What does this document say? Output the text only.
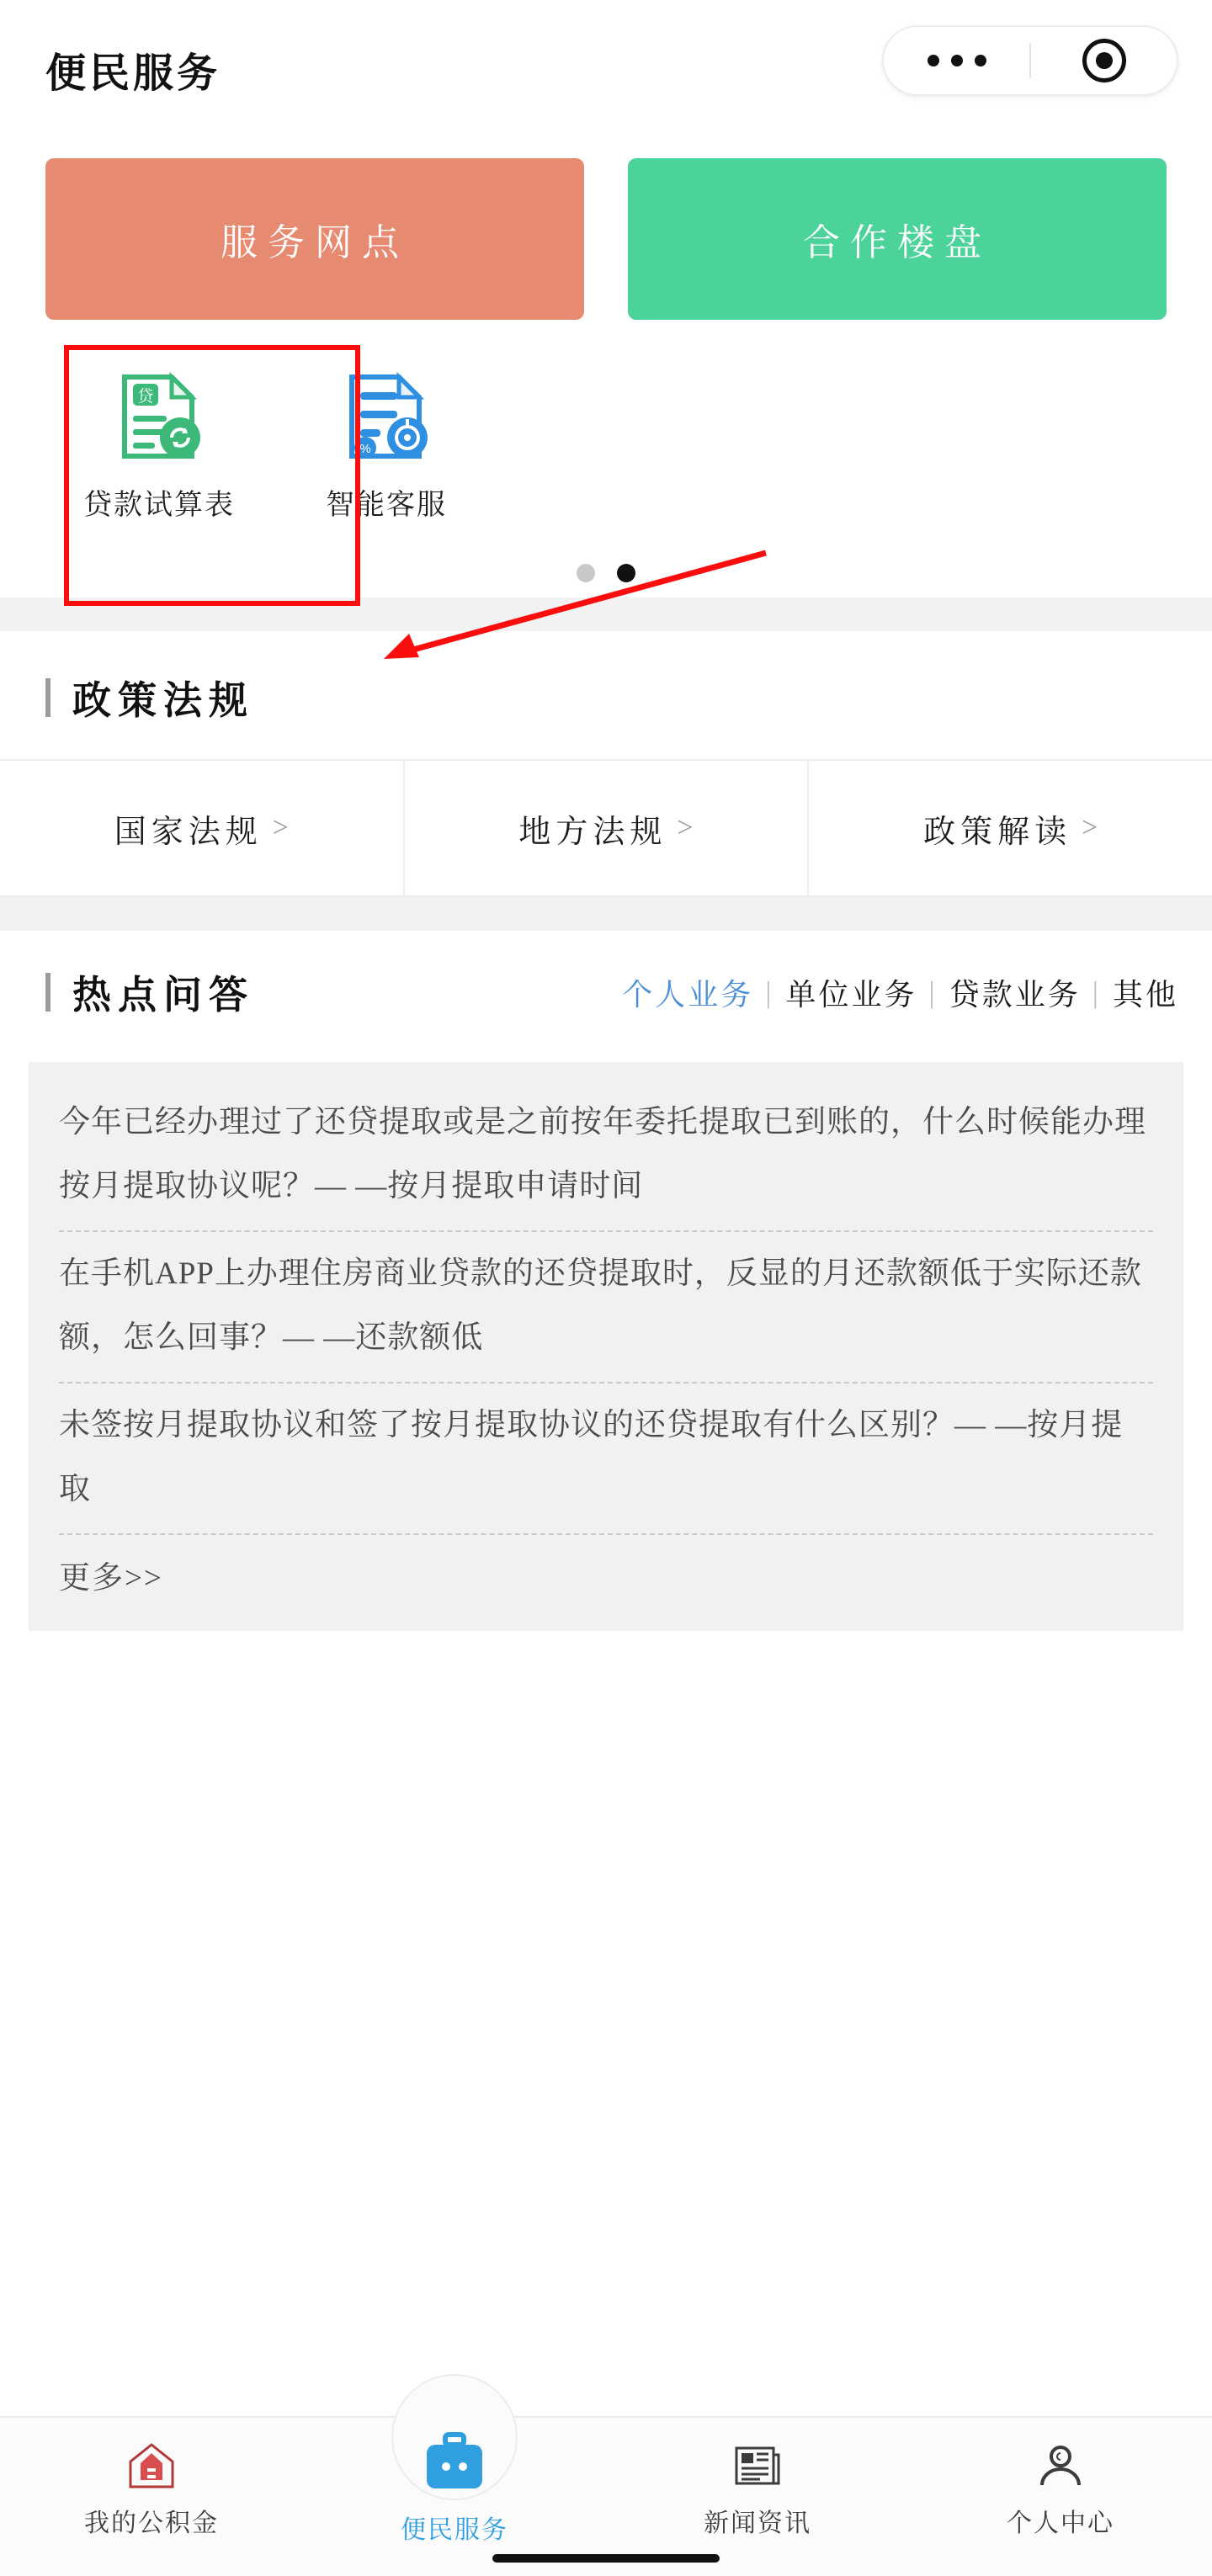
便民服务
服务网点	合作楼盘
贷
贷款试算表
%
智能客服
政策法规
国家法规 >	地方法规 >	政策解读 >
热点问答	个人业务 | 单位业务 | 贷款业务 | 其他
今年已经办理过了还贷提取或是之前按年委托提取已到账的，什么时候能办理按月提取协议呢？— —按月提取申请时间
在手机APP上办理住房商业贷款的还贷提取时，反显的月还款额低于实际还款额，怎么回事？— —还款额低
未签按月提取协议和签了按月提取协议的还贷提取有什么区别？— —按月提取
更多>>
我的公积金	便民服务	新闻资讯	个人中心
